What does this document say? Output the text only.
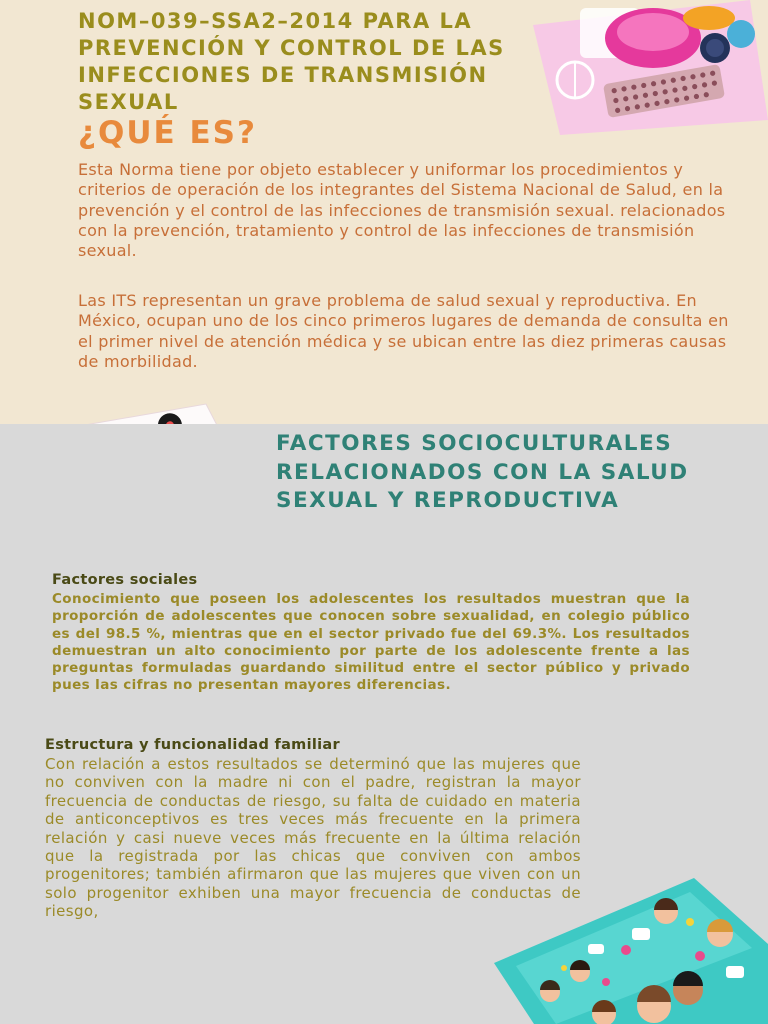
NOM–039–SSA2–2014 PARA LA PREVENCIÓN Y CONTROL DE LAS INFECCIONES DE TRANSMISIÓN SEXUAL
¿QUÉ ES?

Esta Norma tiene por objeto establecer y uniformar los procedimientos y criterios de operación de los integrantes del Sistema Nacional de Salud, en la prevención y el control de las infecciones de transmisión sexual. relacionados con la prevención, tratamiento y control de las infecciones de transmisión sexual.

Las ITS representan un grave problema de salud sexual y reproductiva. En México, ocupan uno de los cinco primeros lugares de demanda de consulta en el primer nivel de atención médica y se ubican entre las diez primeras causas de morbilidad.

FACTORES SOCIOCULTURALES RELACIONADOS CON LA SALUD SEXUAL Y REPRODUCTIVA
Factores sociales

Conocimiento que poseen los adolescentes los resultados muestran que la proporción de adolescentes que conocen sobre sexualidad, en colegio público es del 98.5 %, mientras que en el sector privado fue del 69.3%. Los resultados demuestran un alto conocimiento por parte de los adolescente frente a las preguntas formuladas guardando similitud entre el sector público y privado pues las cifras no presentan mayores diferencias.

Estructura y funcionalidad familiar

Con relación a estos resultados se determinó que las mujeres que no conviven con la madre ni con el padre, registran la mayor frecuencia de conductas de riesgo, su falta de cuidado en materia de anticonceptivos es tres veces más frecuente en la primera relación y casi nueve veces más frecuente en la última relación que la registrada por las chicas que conviven con ambos progenitores; también afirmaron que las mujeres que viven con un solo progenitor exhiben una mayor frecuencia de conductas de riesgo,
